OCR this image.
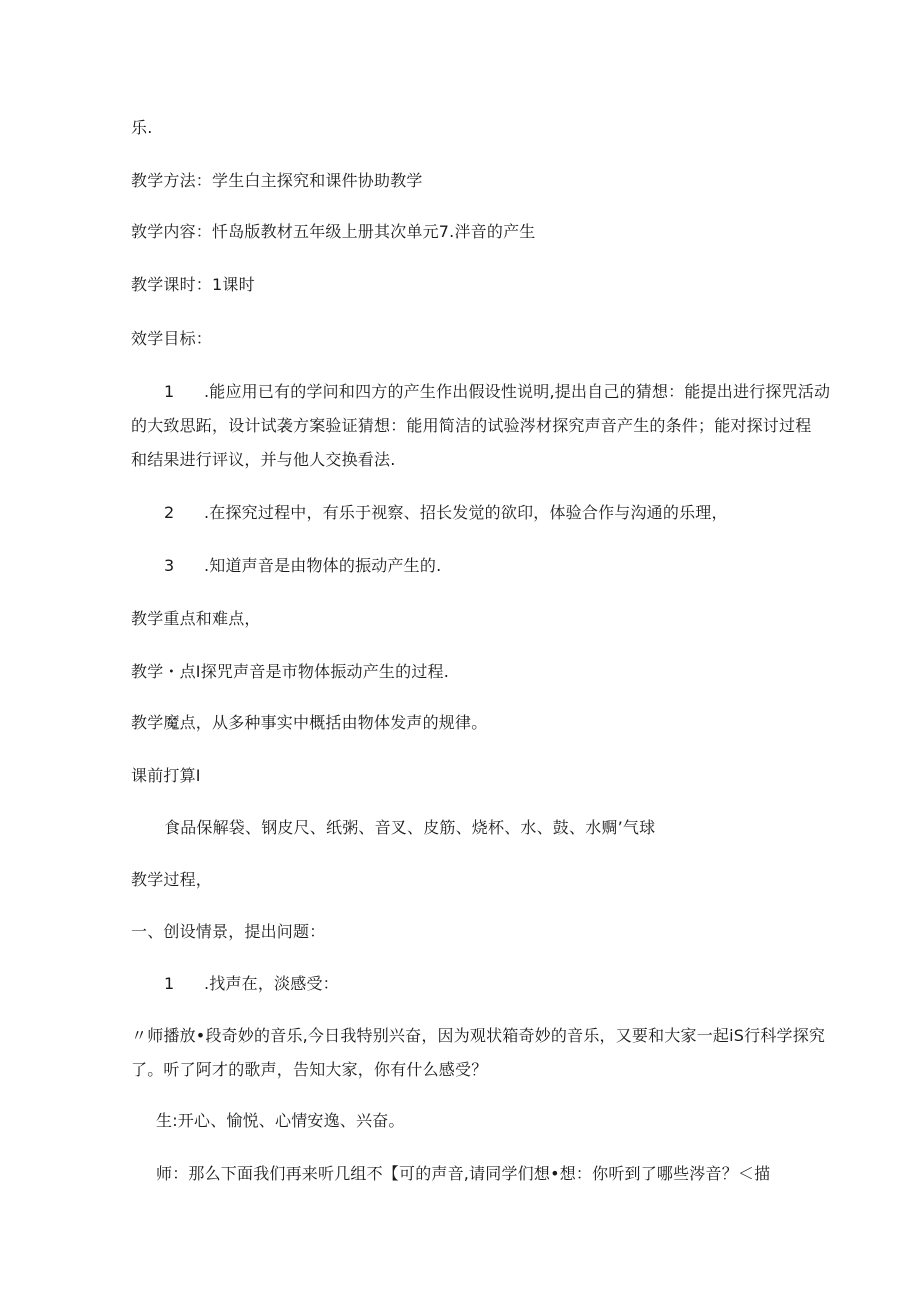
乐.
教学方法：学生白主探究和课件协助教学
敦学内容：忏岛版教材五年级上册其次单元7.泮音的产生
教学课时：1课时
效学目标：
1 .能应用已有的学问和四方的产生作出假设性说明,提出自己的猜想：能提出进行探咒活动
的大致思跖，设计试袭方案验证猜想：能用简洁的试验涔材探究声音产生的条件；能对探讨过程
和结果进行评议，并与他人交换看法.
2 .在探究过程中，有乐于视察、招长发觉的欲印，体验合作与沟通的乐理，
3 .知道声音是由物体的振动产生的.
教学重点和难点，
教学・点I探咒声音是市物体振动产生的过程.
教学魔点，从多种事实中概括由物体发声的规律。
课前打算I
食品保解袋、钢皮尺、纸粥、音叉、皮筋、烧杯、水、鼓、水赒’气球
教学过程，
一、创设情景，提出问题：
1 .找声在，淡感受：
〃师播放•段奇妙的音乐,今日我特别兴奋，因为观状箱奇妙的音乐，又要和大家一起iS行科学探究
了。听了阿才的歌声，告知大家，你有什么感受？
生:开心、愉悦、心情安逸、兴奋。
师：那么下面我们再来听几组不【可的声音,请同学们想•想：你听到了哪些涔音？＜描
